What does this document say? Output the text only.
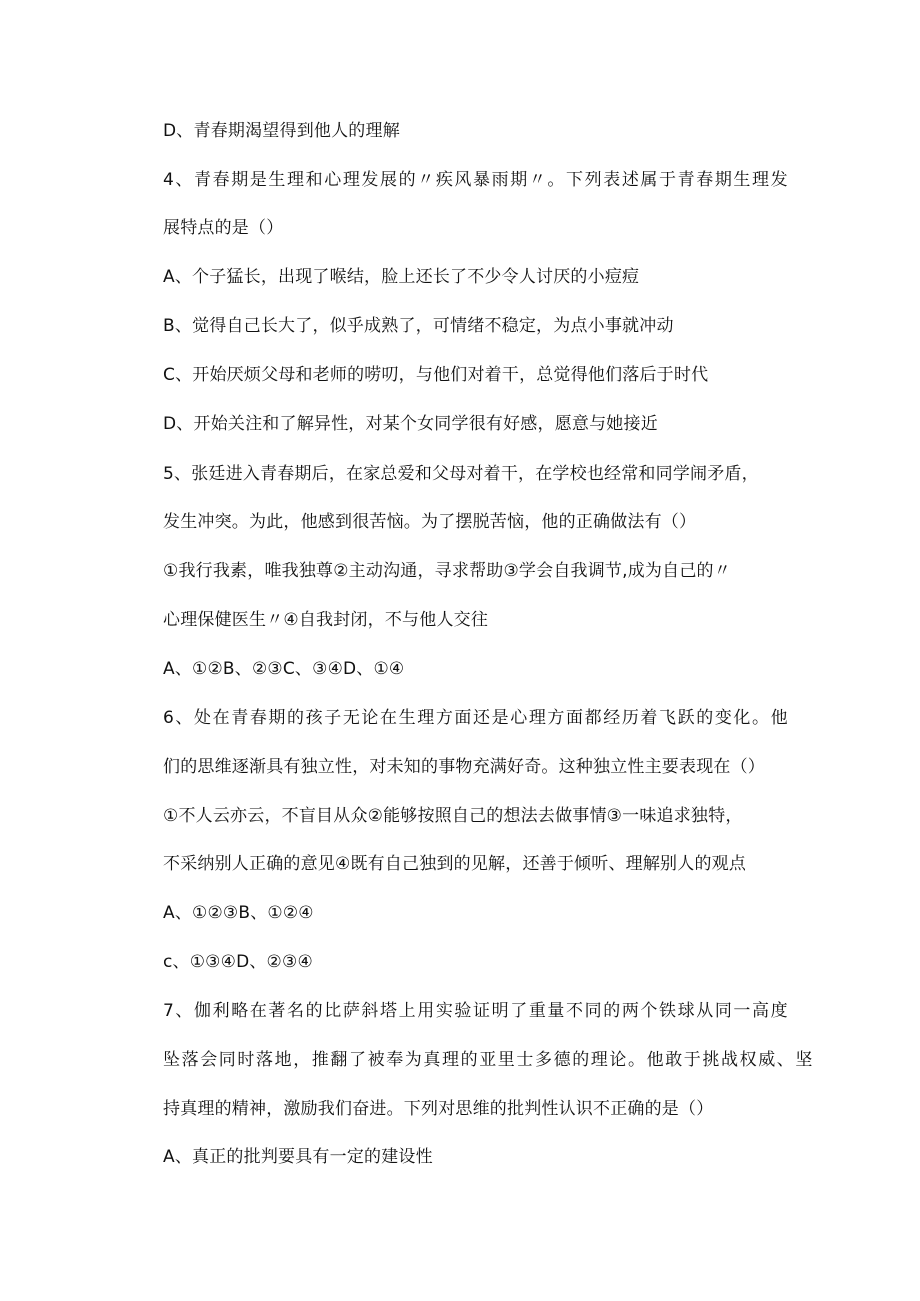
D、青春期渴望得到他人的理解
4、青春期是生理和心理发展的〃疾风暴雨期〃。下列表述属于青春期生理发
展特点的是（）
A、个子猛长，出现了喉结，脸上还长了不少令人讨厌的小痘痘
B、觉得自己长大了，似乎成熟了，可情绪不稳定，为点小事就冲动
C、开始厌烦父母和老师的唠叨，与他们对着干，总觉得他们落后于时代
D、开始关注和了解异性，对某个女同学很有好感，愿意与她接近
5、张廷进入青春期后，在家总爱和父母对着干，在学校也经常和同学闹矛盾，
发生冲突。为此，他感到很苦恼。为了摆脱苦恼，他的正确做法有（）
①我行我素，唯我独尊②主动沟通，寻求帮助③学会自我调节,成为自己的〃
心理保健医生〃④自我封闭，不与他人交往
A、①②B、②③C、③④D、①④
6、处在青春期的孩子无论在生理方面还是心理方面都经历着飞跃的变化。他
们的思维逐渐具有独立性，对未知的事物充满好奇。这种独立性主要表现在（）
①不人云亦云，不盲目从众②能够按照自己的想法去做事情③一味追求独特，
不采纳别人正确的意见④既有自己独到的见解，还善于倾听、理解别人的观点
A、①②③B、①②④
c、①③④D、②③④
7、伽利略在著名的比萨斜塔上用实验证明了重量不同的两个铁球从同一高度
坠落会同时落地，推翻了被奉为真理的亚里士多德的理论。他敢于挑战权威、坚
持真理的精神，激励我们奋进。下列对思维的批判性认识不正确的是（）
A、真正的批判要具有一定的建设性
